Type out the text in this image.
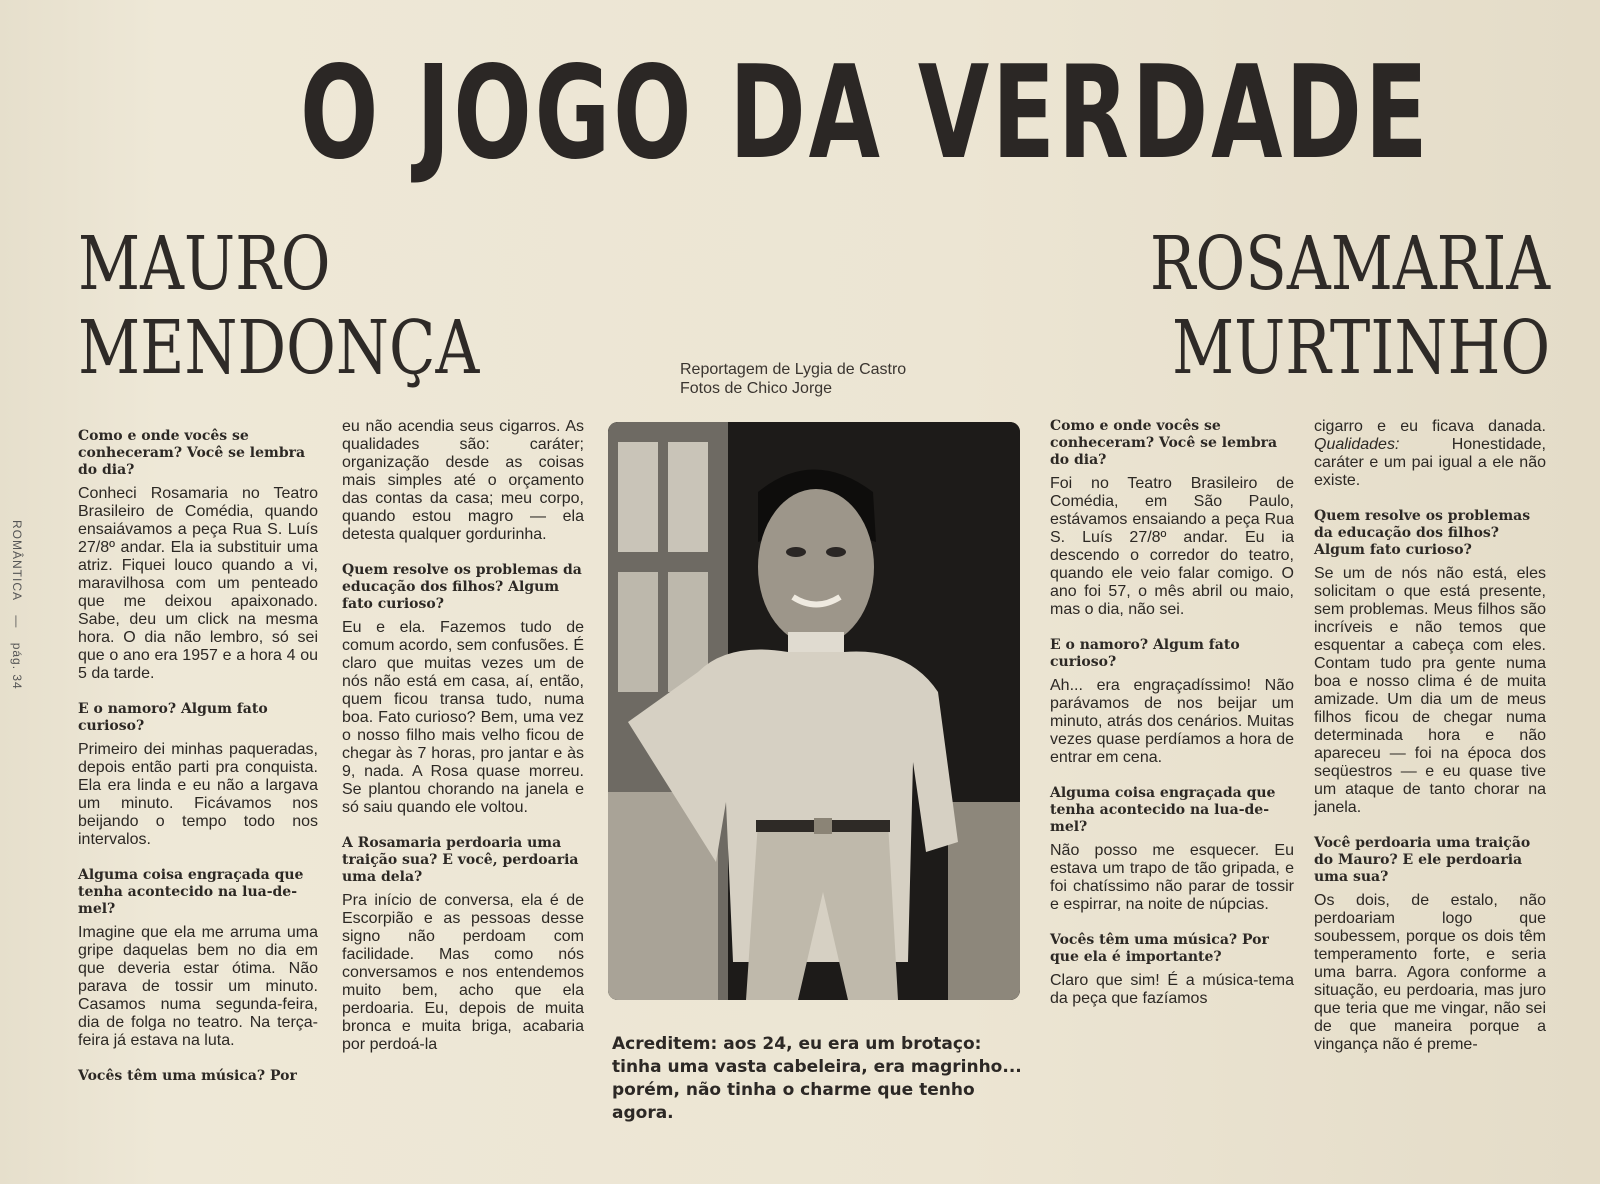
O JOGO DA VERDADE
MAURO
MENDONÇA
ROSAMARIA
MURTINHO
Reportagem de Lygia de Castro
Fotos de Chico Jorge
ROMÂNTICA — pág. 34

Como e onde vocês se conheceram? Você se lembra do dia?

Conheci Rosamaria no Teatro Brasileiro de Comédia, quando ensaiávamos a peça Rua S. Luís 27/8º andar. Ela ia substituir uma atriz. Fiquei louco quando a vi, maravilhosa com um penteado que me deixou apaixonado. Sabe, deu um click na mesma hora. O dia não lembro, só sei que o ano era 1957 e a hora 4 ou 5 da tarde.

E o namoro? Algum fato curioso?

Primeiro dei minhas paqueradas, depois então parti pra conquista. Ela era linda e eu não a largava um minuto. Ficávamos nos beijando o tempo todo nos intervalos.

Alguma coisa engraçada que tenha acontecido na lua-de-mel?

Imagine que ela me arruma uma gripe daquelas bem no dia em que deveria estar ótima. Não parava de tossir um minuto. Casamos numa segunda-feira, dia de folga no teatro. Na terça-feira já estava na luta.

Vocês têm uma música? Por

eu não acendia seus cigarros. As qualidades são: caráter; organização desde as coisas mais simples até o orçamento das contas da casa; meu corpo, quando estou magro — ela detesta qualquer gordurinha.

Quem resolve os problemas da educação dos filhos? Algum fato curioso?

Eu e ela. Fazemos tudo de comum acordo, sem confusões. É claro que muitas vezes um de nós não está em casa, aí, então, quem ficou transa tudo, numa boa. Fato curioso? Bem, uma vez o nosso filho mais velho ficou de chegar às 7 horas, pro jantar e às 9, nada. A Rosa quase morreu. Se plantou chorando na janela e só saiu quando ele voltou.

A Rosamaria perdoaria uma traição sua? E você, perdoaria uma dela?

Pra início de conversa, ela é de Escorpião e as pessoas desse signo não perdoam com facilidade. Mas como nós conversamos e nos entendemos muito bem, acho que ela perdoaria. Eu, depois de muita bronca e muita briga, acabaria por perdoá-la	Acreditem: aos 24, eu era um brotaço: tinha uma vasta cabeleira, era magrinho... porém, não tinha o charme que tenho agora.

Como e onde vocês se conheceram? Você se lembra do dia?

Foi no Teatro Brasileiro de Comédia, em São Paulo, estávamos ensaiando a peça Rua S. Luís 27/8º andar. Eu ia descendo o corredor do teatro, quando ele veio falar comigo. O ano foi 57, o mês abril ou maio, mas o dia, não sei.

E o namoro? Algum fato curioso?

Ah... era engraçadíssimo! Não parávamos de nos beijar um minuto, atrás dos cenários. Muitas vezes quase perdíamos a hora de entrar em cena.

Alguma coisa engraçada que tenha acontecido na lua-de-mel?

Não posso me esquecer. Eu estava um trapo de tão gripada, e foi chatíssimo não parar de tossir e espirrar, na noite de núpcias.

Vocês têm uma música? Por que ela é importante?

Claro que sim! É a música-tema da peça que fazíamos

cigarro e eu ficava danada. Qualidades:	Honestidade, caráter e um pai igual a ele não existe.

Quem resolve os problemas da educação dos filhos? Algum fato curioso?

Se um de nós não está, eles solicitam o que está presente, sem problemas. Meus filhos são incríveis e não temos que esquentar a cabeça com eles. Contam tudo pra gente numa boa e nosso clima é de muita amizade. Um dia um de meus filhos ficou de chegar numa determinada hora e não apareceu — foi na época dos seqüestros — e eu quase tive um ataque de tanto chorar na janela.

Você perdoaria uma traição do Mauro? E ele perdoaria uma sua?

Os dois, de estalo, não perdoariam logo que soubessem, porque os dois têm temperamento forte, e seria uma barra. Agora conforme a situação, eu perdoaria, mas juro que teria que me vingar, não sei de que maneira porque a vingança não é preme-
